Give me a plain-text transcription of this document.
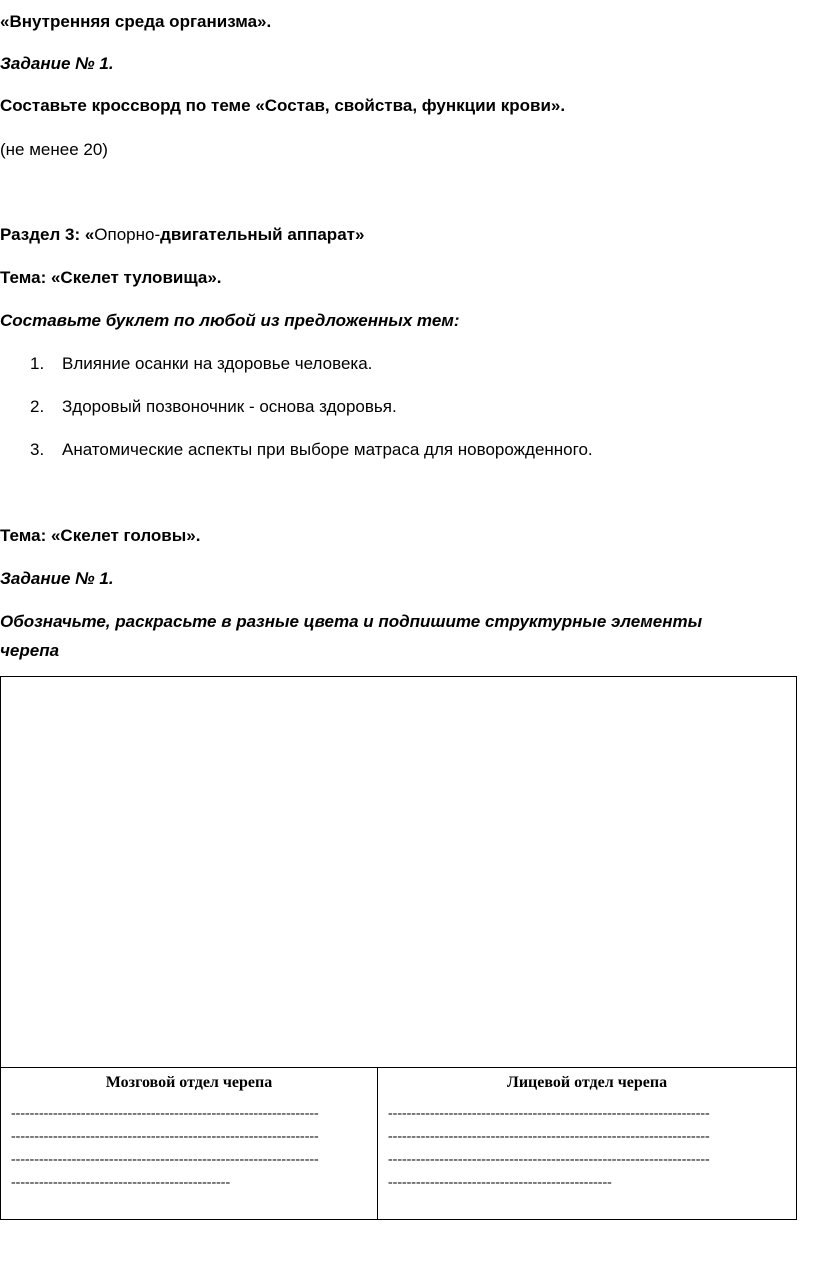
«Внутренняя среда организма».
Задание № 1.
Составьте кроссворд по теме «Состав, свойства, функции крови».
(не менее 20)
Раздел 3: «Опорно-двигательный аппарат»
Тема: «Скелет туловища».
Составьте буклет по любой из предложенных тем:
1. Влияние осанки на здоровье человека.
2. Здоровый позвоночник - основа здоровья.
3. Анатомические аспекты при выборе матраса для новорожденного.
Тема: «Скелет головы».
Задание № 1.
Обозначьте, раскрасьте в разные цвета и подпишите структурные элементы
черепа
Мозговой отдел черепа
------------------------------------------------------------------
------------------------------------------------------------------
------------------------------------------------------------------
-----------------------------------------------
Лицевой отдел черепа
---------------------------------------------------------------------
---------------------------------------------------------------------
---------------------------------------------------------------------
------------------------------------------------
